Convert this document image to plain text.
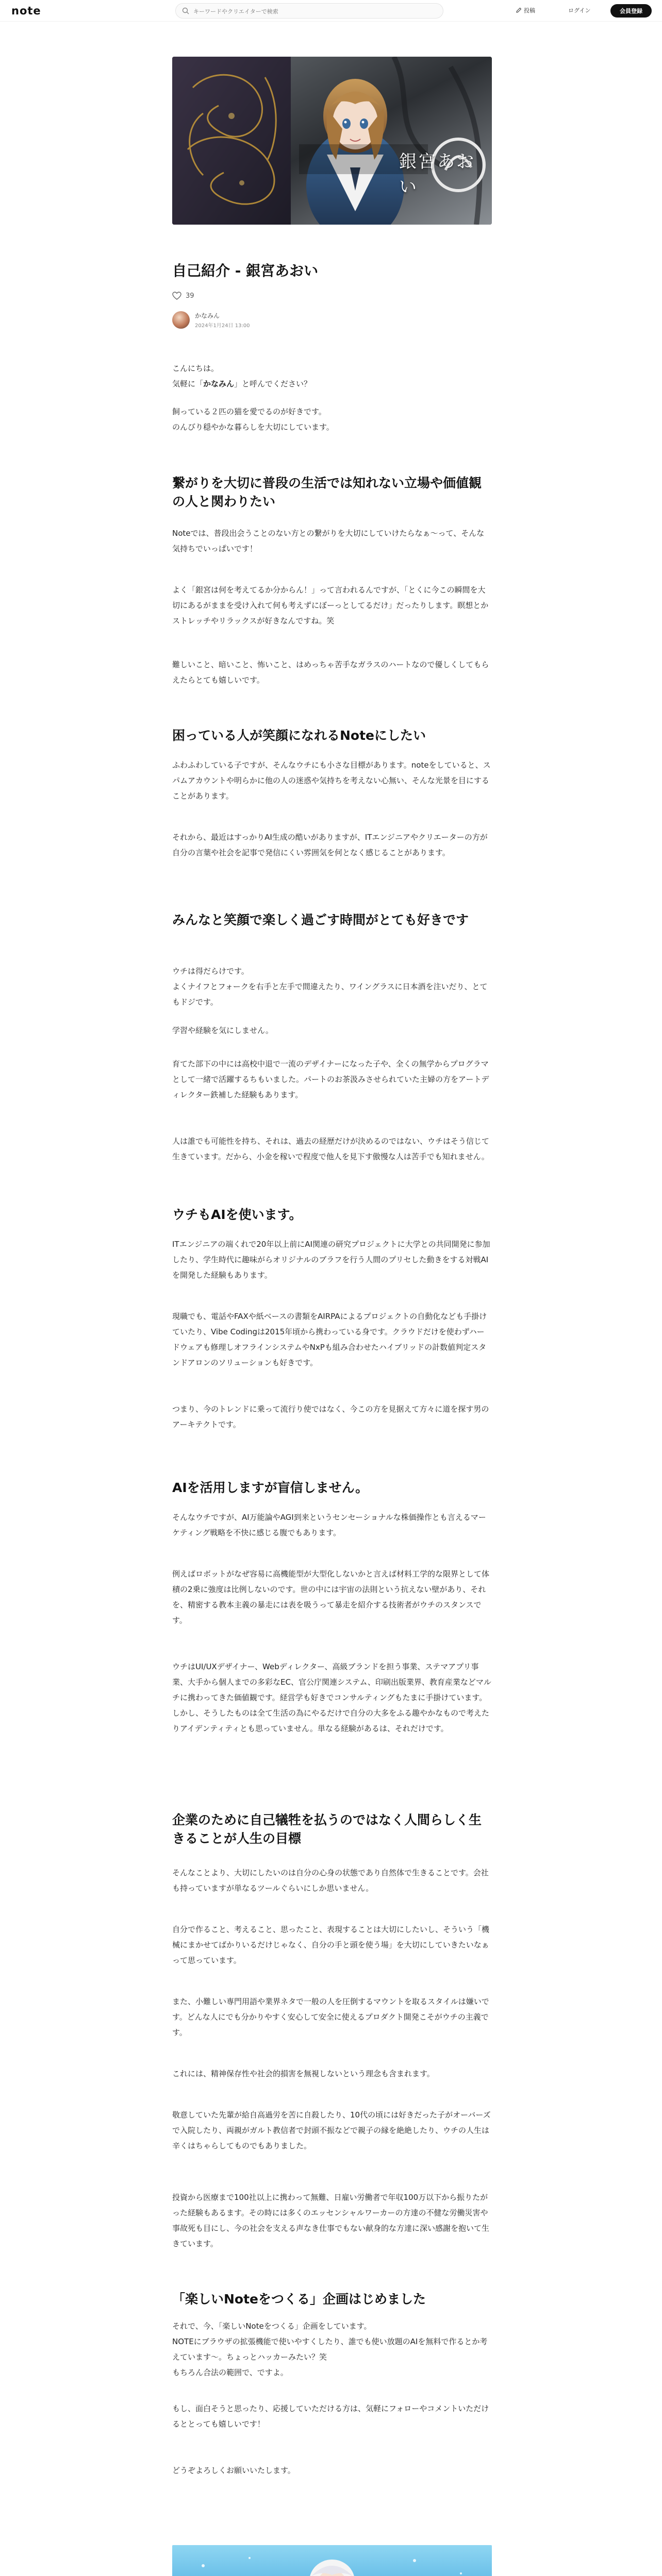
note
キーワードやクリエイターで検索	投稿	ログイン	会員登録
銀宮あおい
自己紹介 - 銀宮あおい
39
かなみん
2024年1月24日 13:00
こんにちは。
気軽に「かなみん」と呼んでください？
飼っている２匹の猫を愛でるのが好きです。
のんびり穏やかな暮らしを大切にしています。
繋がりを大切に普段の生活では知れない立場や価値観の人と関わりたい
Noteでは、普段出会うことのない方との繋がりを大切にしていけたらなぁ〜って、そんな気持ちでいっぱいです！
よく「銀宮は何を考えてるか分からん！」って言われるんですが、「とくに今この瞬間を大切にあるがままを受け入れて何も考えずにぼーっとしてるだけ」だったりします。瞑想とかストレッチやリラックスが好きなんですね。笑
難しいこと、暗いこと、怖いこと、はめっちゃ苦手なガラスのハートなので優しくしてもらえたらとても嬉しいです。
困っている人が笑顔になれるNoteにしたい
ふわふわしている子ですが、そんなウチにも小さな目標があります。noteをしていると、スパムアカウントや明らかに他の人の迷惑や気持ちを考えない心無い、そんな光景を目にすることがあります。
それから、最近はすっかりAI生成の酷いがありますが、ITエンジニアやクリエーターの方が自分の言葉や社会を記事で発信にくい雰囲気を何となく感じることがあります。
みんなと笑顔で楽しく過ごす時間がとても好きです
ウチは得だらけです。
よくナイフとフォークを右手と左手で間違えたり、ワイングラスに日本酒を注いだり、とてもドジです。
学習や経験を気にしません。
育てた部下の中には高校中退で一流のデザイナーになった子や、全くの無学からプログラマとして一緒で活躍するちもいました。パートのお茶汲みさせられていた主婦の方をアートディレクター鉄補した経験もあります。
人は誰でも可能性を持ち、それは、過去の経歴だけが決めるのではない、ウチはそう信じて生きています。だから、小金を稼いで程度で他人を見下す傲慢な人は苦手でも知れません。
ウチもAIを使います。
ITエンジニアの端くれで20年以上前にAI関連の研究プロジェクトに大学との共同開発に参加したり、学生時代に趣味がらオリジナルのブラフを行う人間のプリセした動きをする対戦AIを開発した経験もあります。
現職でも、電話やFAXや紙ベースの書類をAIRPAによるプロジェクトの自動化なども手掛けていたり、Vibe Codingは2015年頃から携わっている身です。クラウドだけを使わずハードウェアも修理しオフラインシステムやNxPも組み合わせたハイブリッドの計数値判定スタンドアロンのソリューションも好きです。
つまり、今のトレンドに乗って流行り使ではなく、今この方を見据えて方々に道を探す男のアーキテクトです。
AIを活用しますが盲信しません。
そんなウチですが、AI万能論やAGI到来というセンセーショナルな株価操作とも言えるマーケティング戦略を不快に感じる腹でもあります。
例えばロボットがなぜ容易に高機能型が大型化しないかと言えば材料工学的な限界として体積の2乗に強度は比例しないのです。世の中には宇宙の法則という抗えない壁があり、それを、精密する教本主義の暴走には表を吸うって暴走を紹介する技術者がウチのスタンスです。
ウチはUI/UXデザイナー、Webディレクター、高級ブランドを担う事業、ステマアプリ事業、大手から個人までの多彩なEC、官公庁関連システム、印刷出版業界、教育産業などマルチに携わってきた価値観です。経営学も好きでコンサルティングもたまに手掛けています。しかし、そうしたものは全て生活の為にやるだけで自分の大多をふる趣やかなもので考えたりアイデンティティとも思っていません。単なる経験があるは、それだけです。
企業のために自己犠牲を払うのではなく人間らしく生きることが人生の目標
そんなことより、大切にしたいのは自分の心身の状態であり自然体で生きることです。会社も持っていますが単なるツールぐらいにしか思いません。
自分で作ること、考えること、思ったこと、表現することは大切にしたいし、そういう「機械にまかせてばかりいるだけじゃなく、自分の手と頭を使う場」を大切にしていきたいなぁって思っています。
また、小難しい専門用語や業界ネタで一般の人を圧倒するマウントを取るスタイルは嫌いです。どんな人にでも分かりやすく安心して安全に使えるプロダクト開発こそがウチの主義です。
これには、精神保存性や社会的損害を無視しないという理念も含まれます。
敬意していた先輩が給自高過労を苦に自殺したり、10代の頃には好きだった子がオーバーズで入院したり、両親がガルト教信者で封頭不振などで親子の縁を絶絶したり、ウチの人生は辛くはちゃらしてものでもありました。
投資から医療まで100社以上に携わって無難、日雇い労働者で年収100万以下から振りたがった経験もあるます。その時には多くのエッセンシャルワーカーの方達の不健な労働災害や事故死も目にし、今の社会を支える声なき仕事でもない献身的な方達に深い感謝を抱いて生きています。
「楽しいNoteをつくる」企画はじめました
それで、今、「楽しいNoteをつくる」企画をしています。
NOTEにブラウザの拡張機能で使いやすくしたり、誰でも使い放題のAIを無料で作るとか考えています〜。ちょっとハッカーみたい？笑
もちろん合法の範囲で、ですよ。
もし、面白そうと思ったり、応援していただける方は、気軽にフォローやコメントいただけるととっても嬉しいです！
どうぞよろしくお願いいたします。
